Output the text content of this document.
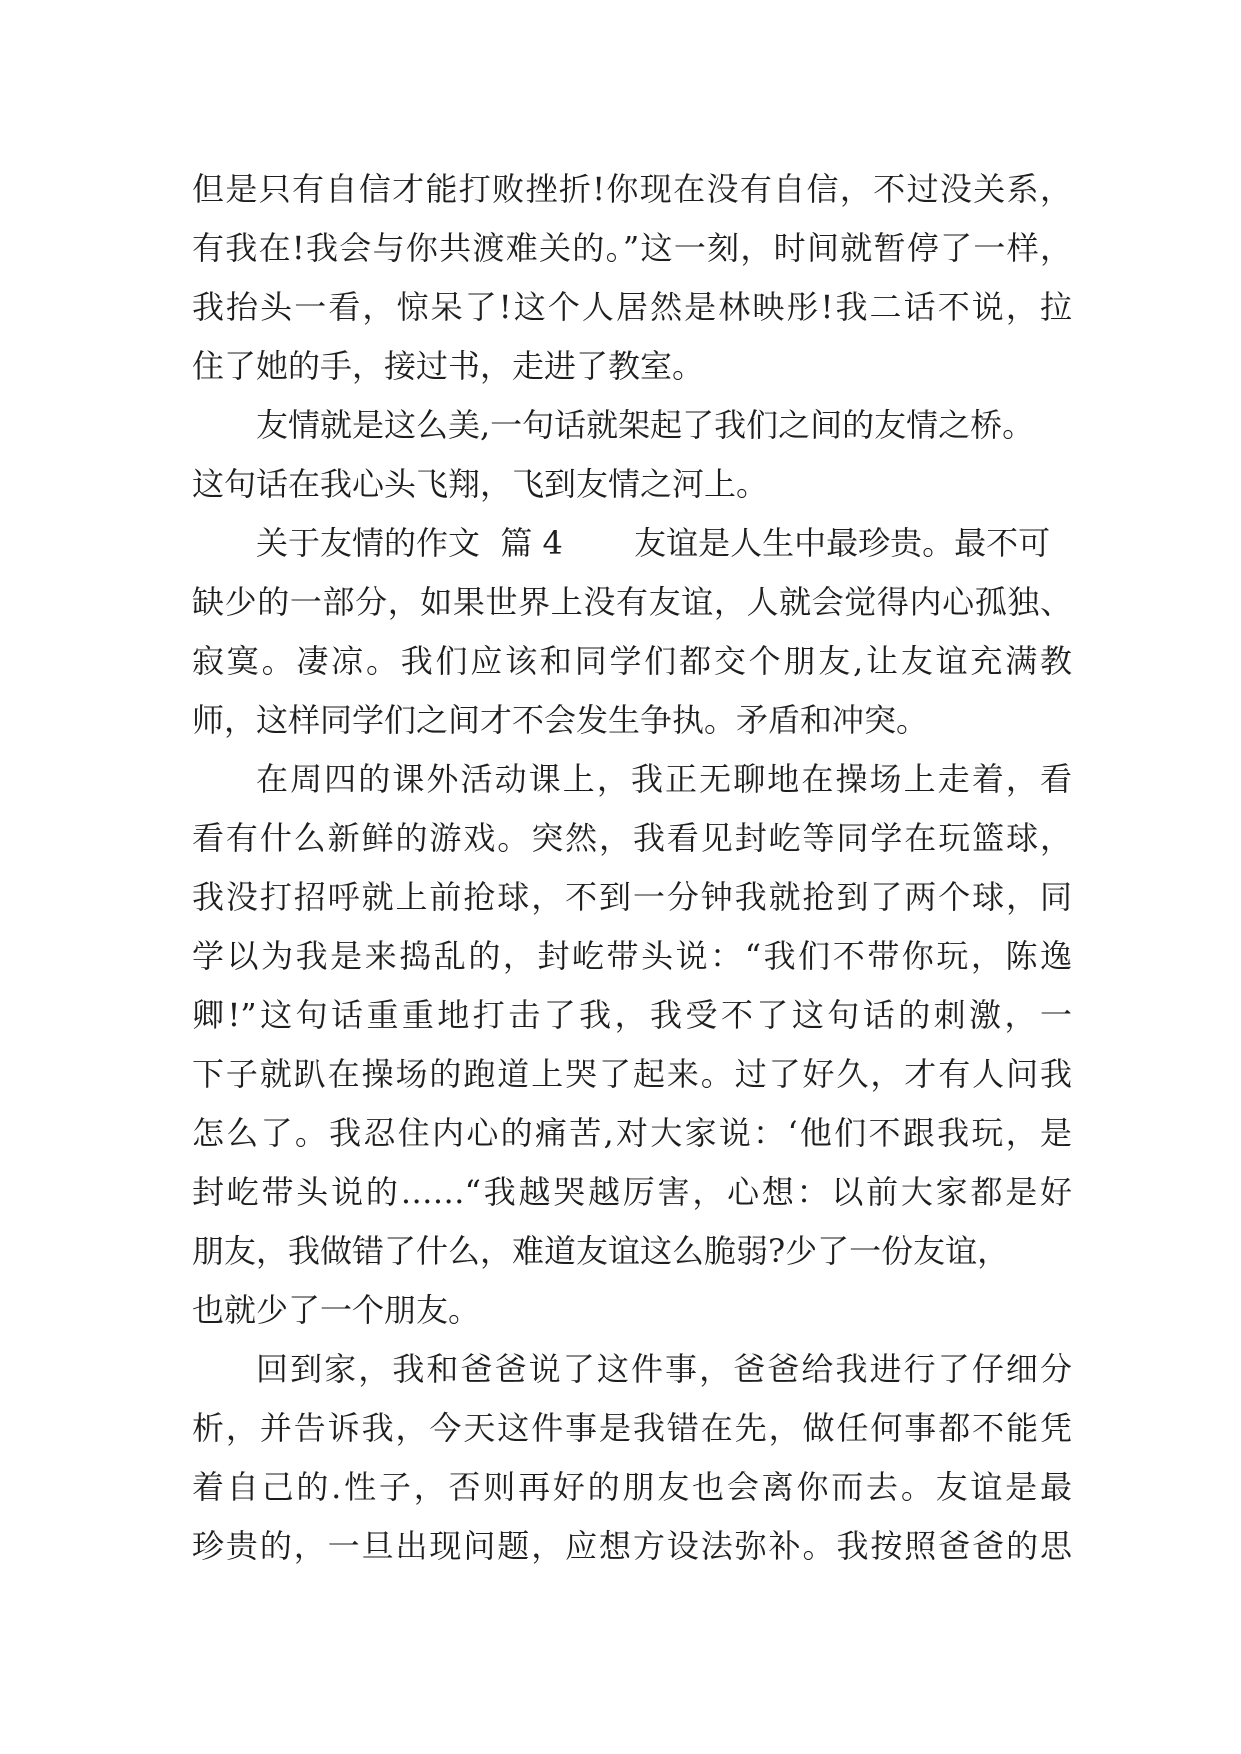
但是只有自信才能打败挫折!你现在没有自信，不过没关系，
有我在!我会与你共渡难关的。”这一刻，时间就暂停了一样，
我抬头一看，惊呆了!这个人居然是林映彤!我二话不说，拉
住了她的手，接过书，走进了教室。
友情就是这么美,一句话就架起了我们之间的友情之桥。
这句话在我心头飞翔，飞到友情之河上。
关于友情的作文  篇 4       友谊是人生中最珍贵。最不可
缺少的一部分，如果世界上没有友谊，人就会觉得内心孤独、
寂寞。凄凉。我们应该和同学们都交个朋友,让友谊充满教
师，这样同学们之间才不会发生争执。矛盾和冲突。
在周四的课外活动课上，我正无聊地在操场上走着，看
看有什么新鲜的游戏。突然，我看见封屹等同学在玩篮球，
我没打招呼就上前抢球，不到一分钟我就抢到了两个球，同
学以为我是来捣乱的，封屹带头说：“我们不带你玩，陈逸
卿!”这句话重重地打击了我，我受不了这句话的刺激，一
下子就趴在操场的跑道上哭了起来。过了好久，才有人问我
怎么了。我忍住内心的痛苦,对大家说：‘他们不跟我玩，是
封屹带头说的……“我越哭越厉害，心想：以前大家都是好
朋友，我做错了什么，难道友谊这么脆弱?少了一份友谊，
也就少了一个朋友。
回到家，我和爸爸说了这件事，爸爸给我进行了仔细分
析，并告诉我，今天这件事是我错在先，做任何事都不能凭
着自己的.性子，否则再好的朋友也会离你而去。友谊是最
珍贵的，一旦出现问题，应想方设法弥补。我按照爸爸的思
